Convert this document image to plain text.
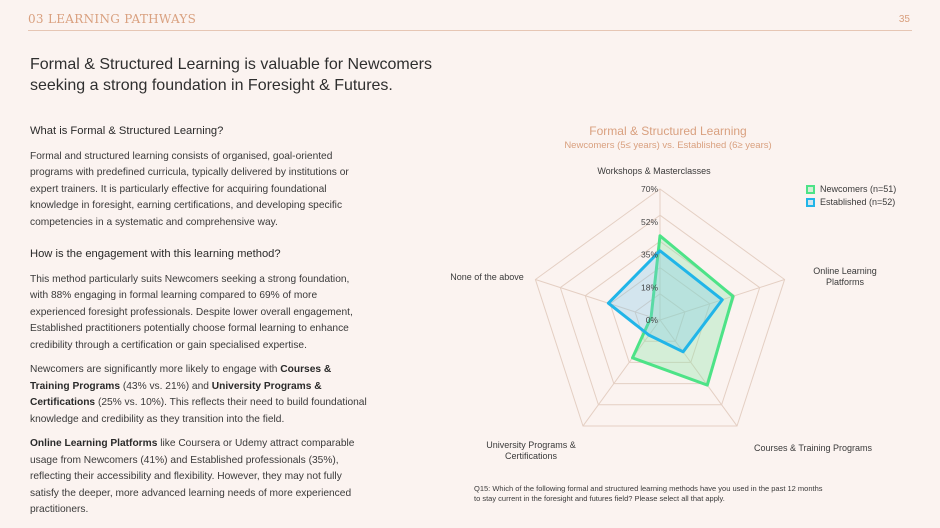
03 LEARNING PATHWAYS	35
Formal & Structured Learning is valuable for Newcomers seeking a strong foundation in Foresight & Futures.
What is Formal & Structured Learning?

Formal and structured learning consists of organised, goal-oriented programs with predefined curricula, typically delivered by institutions or expert trainers. It is particularly effective for acquiring foundational knowledge in foresight, earning certifications, and developing specific competencies in a systematic and comprehensive way.

How is the engagement with this learning method?

This method particularly suits Newcomers seeking a strong foundation, with 88% engaging in formal learning compared to 69% of more experienced foresight professionals. Despite lower overall engagement, Established practitioners potentially choose formal learning to enhance credibility through a certification or gain specialised expertise.

Newcomers are significantly more likely to engage with Courses & Training Programs (43% vs. 21%) and University Programs & Certifications (25% vs. 10%). This reflects their need to build foundational knowledge and credibility as they transition into the field.

Online Learning Platforms like Coursera or Udemy attract comparable usage from Newcomers (41%) and Established professionals (35%), reflecting their accessibility and flexibility. However, they may not fully satisfy the deeper, more advanced learning needs of more experienced practitioners.

Formal & Structured Learning
Newcomers (5≤ years) vs. Established (6≥ years)
0%
18%
35%
52%
70%
Workshops & Masterclasses
Online Learning
Platforms
Courses & Training Programs
University Programs &
Certifications
None of the above
Newcomers (n=51)
Established (n=52)
Q15: Which of the following formal and structured learning methods have you used in the past 12 months to stay current in the foresight and futures field? Please select all that apply.
